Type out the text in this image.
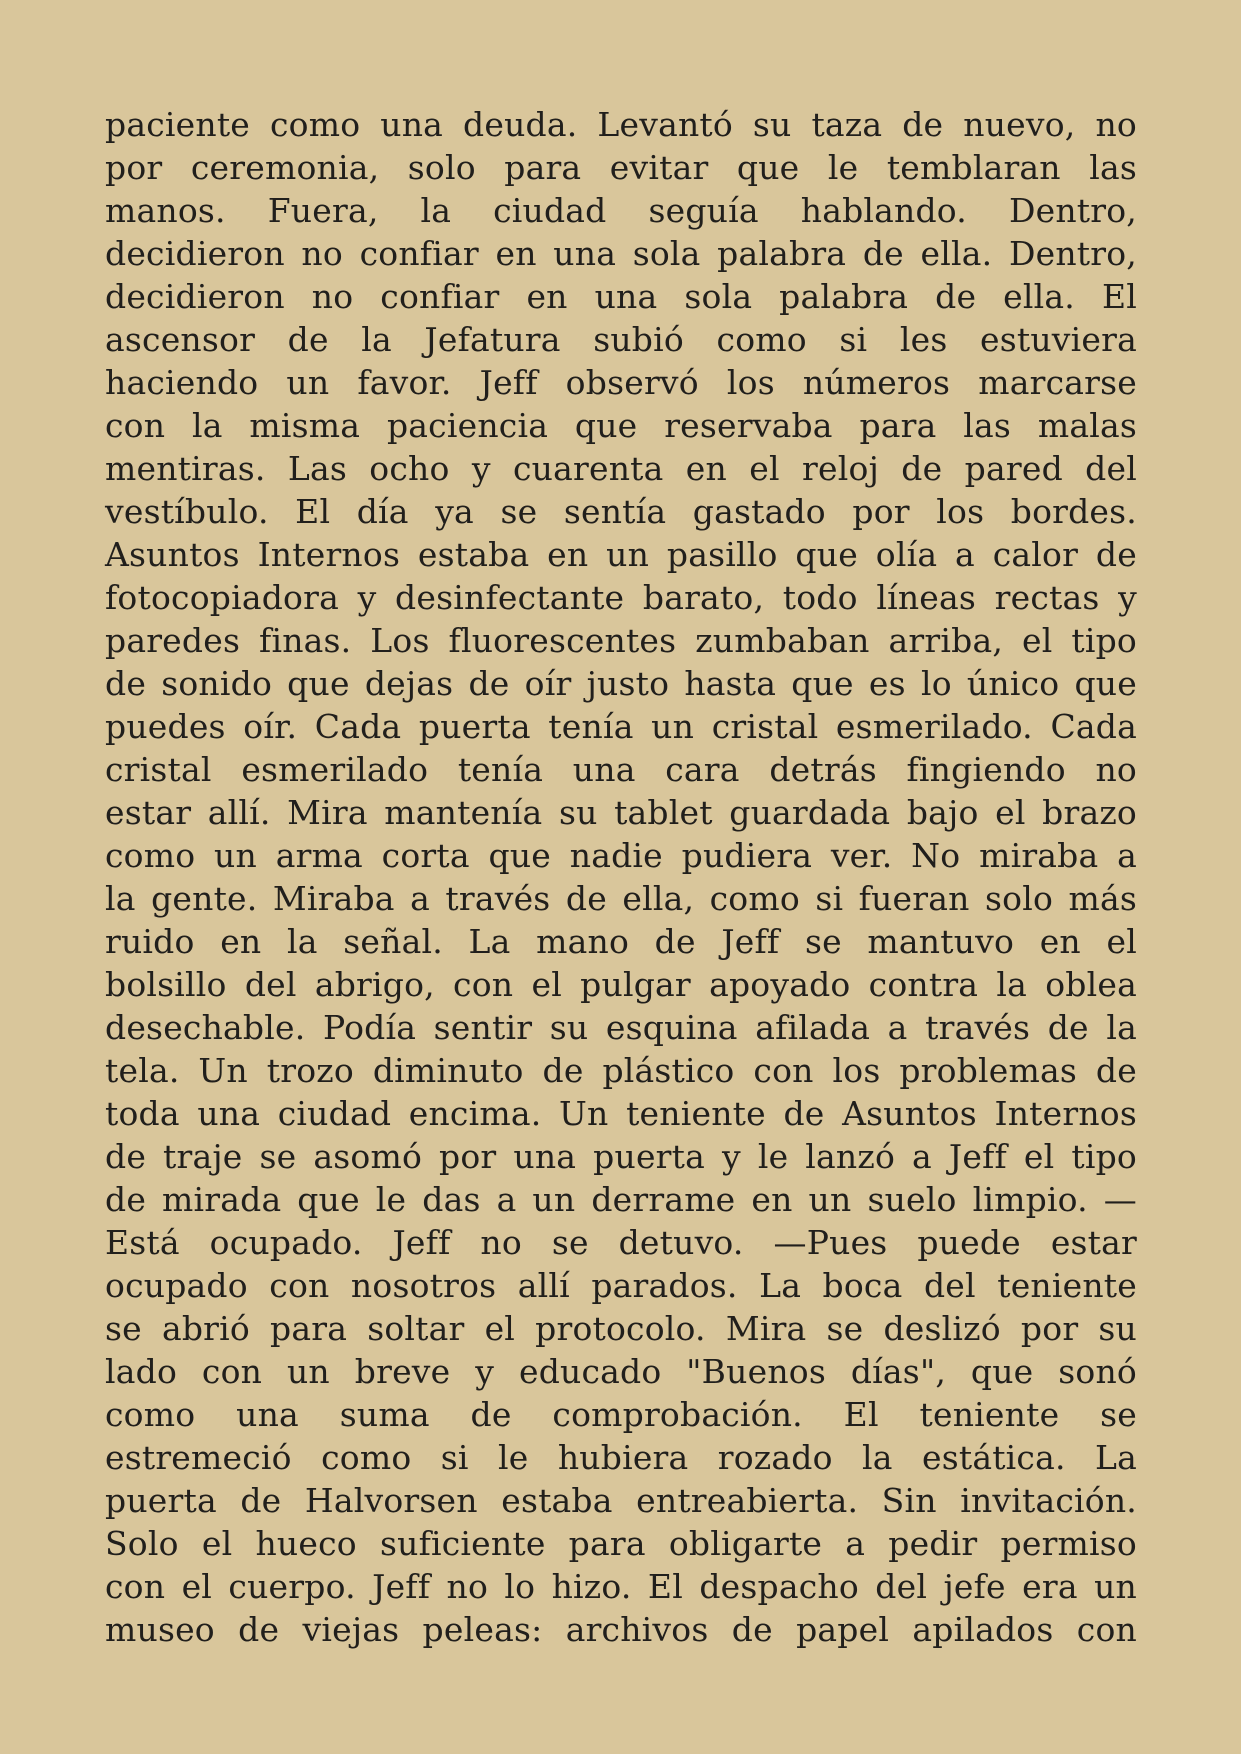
paciente como una deuda. Levantó su taza de nuevo, no
por ceremonia, solo para evitar que le temblaran las
manos. Fuera, la ciudad seguía hablando. Dentro,
decidieron no confiar en una sola palabra de ella. Dentro,
decidieron no confiar en una sola palabra de ella. El
ascensor de la Jefatura subió como si les estuviera
haciendo un favor. Jeff observó los números marcarse
con la misma paciencia que reservaba para las malas
mentiras. Las ocho y cuarenta en el reloj de pared del
vestíbulo. El día ya se sentía gastado por los bordes.
Asuntos Internos estaba en un pasillo que olía a calor de
fotocopiadora y desinfectante barato, todo líneas rectas y
paredes finas. Los fluorescentes zumbaban arriba, el tipo
de sonido que dejas de oír justo hasta que es lo único que
puedes oír. Cada puerta tenía un cristal esmerilado. Cada
cristal esmerilado tenía una cara detrás fingiendo no
estar allí. Mira mantenía su tablet guardada bajo el brazo
como un arma corta que nadie pudiera ver. No miraba a
la gente. Miraba a través de ella, como si fueran solo más
ruido en la señal. La mano de Jeff se mantuvo en el
bolsillo del abrigo, con el pulgar apoyado contra la oblea
desechable. Podía sentir su esquina afilada a través de la
tela. Un trozo diminuto de plástico con los problemas de
toda una ciudad encima. Un teniente de Asuntos Internos
de traje se asomó por una puerta y le lanzó a Jeff el tipo
de mirada que le das a un derrame en un suelo limpio. —
Está ocupado. Jeff no se detuvo. —Pues puede estar
ocupado con nosotros allí parados. La boca del teniente
se abrió para soltar el protocolo. Mira se deslizó por su
lado con un breve y educado "Buenos días", que sonó
como una suma de comprobación. El teniente se
estremeció como si le hubiera rozado la estática. La
puerta de Halvorsen estaba entreabierta. Sin invitación.
Solo el hueco suficiente para obligarte a pedir permiso
con el cuerpo. Jeff no lo hizo. El despacho del jefe era un
museo de viejas peleas: archivos de papel apilados con
